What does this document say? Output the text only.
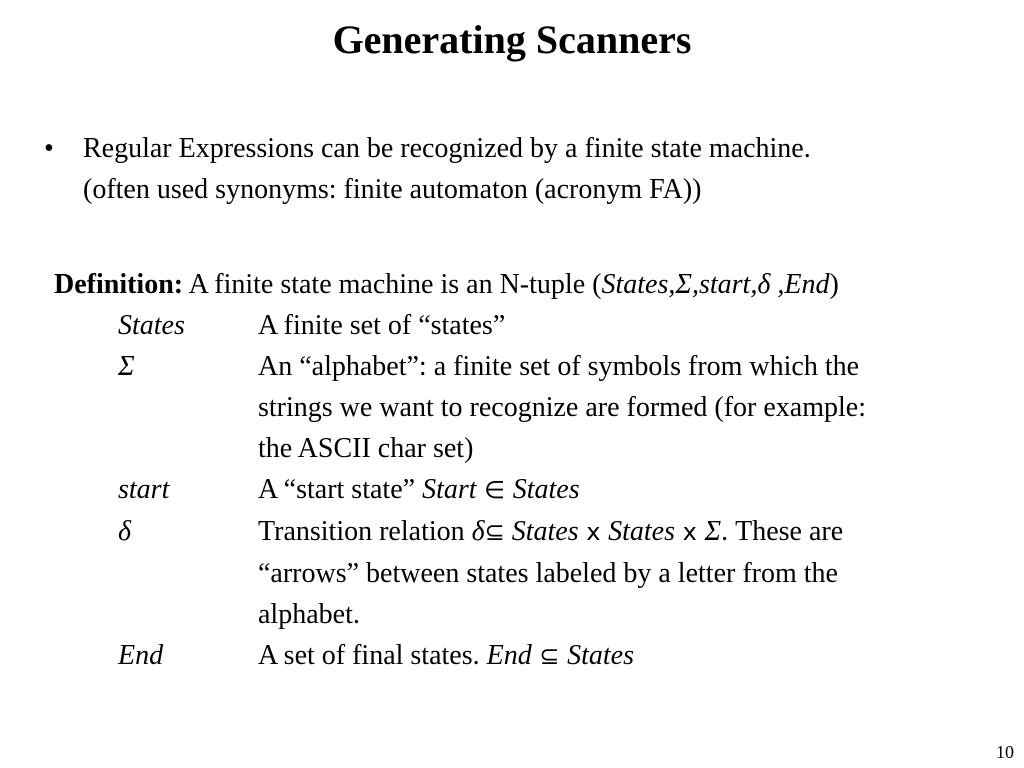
Generating Scanners
•	Regular Expressions can be recognized by a finite state machine.
(often used synonyms: finite automaton (acronym FA))
Definition: A finite state machine is an N-tuple (States,Σ,start,δ ,End)
States	A finite set of “states”
Σ	An “alphabet”: a finite set of symbols from which the
strings we want to recognize are formed (for example:
the ASCII char set)
start	A “start state” Start ∈ States
δ	Transition relation δ⊆ States x States x Σ. These are
“arrows” between states labeled by a letter from the
alphabet.
End	A set of final states. End ⊆ States
10
